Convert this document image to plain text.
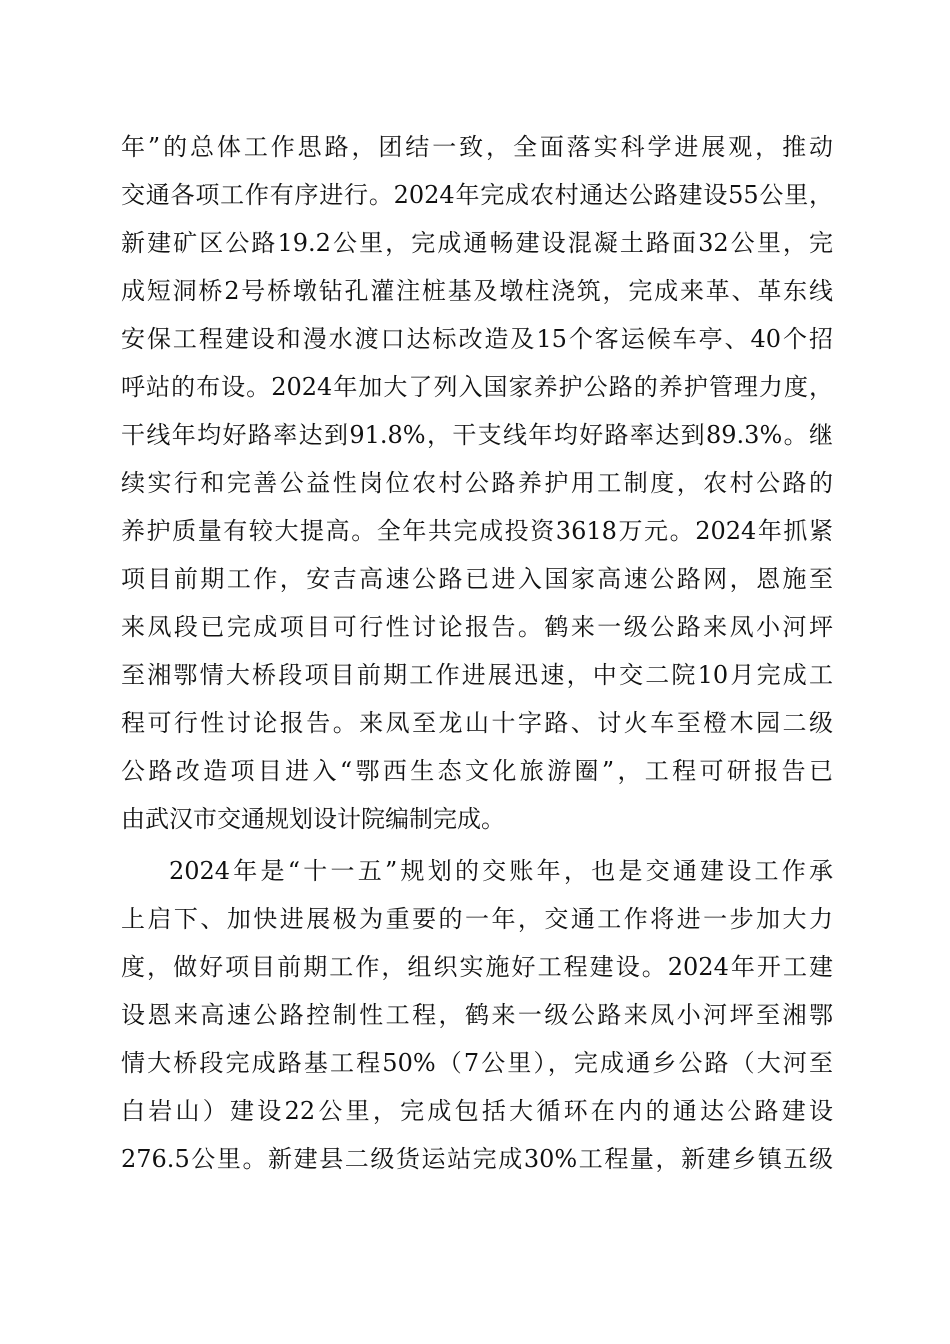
年”的总体工作思路，团结一致，全面落实科学进展观，推动
交通各项工作有序进行。2024年完成农村通达公路建设55公里，
新建矿区公路19.2公里，完成通畅建设混凝土路面32公里，完
成短洞桥2号桥墩钻孔灌注桩基及墩柱浇筑，完成来革、革东线
安保工程建设和漫水渡口达标改造及15个客运候车亭、40个招
呼站的布设。2024年加大了列入国家养护公路的养护管理力度，
干线年均好路率达到91.8%，干支线年均好路率达到89.3%。继
续实行和完善公益性岗位农村公路养护用工制度，农村公路的
养护质量有较大提高。全年共完成投资3618万元。2024年抓紧
项目前期工作，安吉高速公路已进入国家高速公路网，恩施至
来凤段已完成项目可行性讨论报告。鹤来一级公路来凤小河坪
至湘鄂情大桥段项目前期工作进展迅速，中交二院10月完成工
程可行性讨论报告。来凤至龙山十字路、讨火车至橙木园二级
公路改造项目进入“鄂西生态文化旅游圈”，工程可研报告已
由武汉市交通规划设计院编制完成。
2024年是“十一五”规划的交账年，也是交通建设工作承
上启下、加快进展极为重要的一年，交通工作将进一步加大力
度，做好项目前期工作，组织实施好工程建设。2024年开工建
设恩来高速公路控制性工程，鹤来一级公路来凤小河坪至湘鄂
情大桥段完成路基工程50%（7公里），完成通乡公路（大河至
白岩山）建设22公里，完成包括大循环在内的通达公路建设
276.5公里。新建县二级货运站完成30%工程量，新建乡镇五级
